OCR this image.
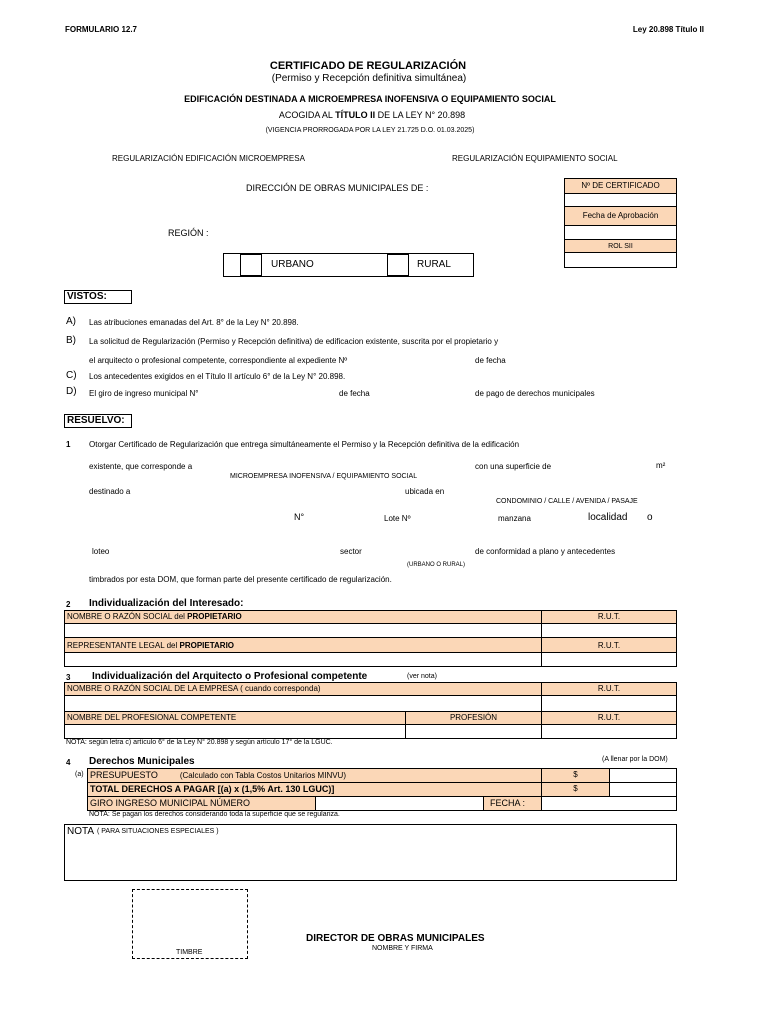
FORMULARIO 12.7	Ley 20.898 Título II
CERTIFICADO DE REGULARIZACIÓN
(Permiso y Recepción definitiva simultánea)
EDIFICACIÓN DESTINADA A MICROEMPRESA INOFENSIVA O EQUIPAMIENTO SOCIAL
ACOGIDA AL TÍTULO II DE LA LEY N° 20.898
(VIGENCIA PRORROGADA POR LA LEY 21.725 D.O. 01.03.2025)
REGULARIZACIÓN EDIFICACIÓN MICROEMPRESA	REGULARIZACIÓN EQUIPAMIENTO SOCIAL
DIRECCIÓN DE OBRAS MUNICIPALES DE :
REGIÓN :
URBANO	RURAL
Nº DE CERTIFICADO
Fecha de Aprobación
ROL SII
VISTOS:
A) Las atribuciones emanadas del Art. 8° de la Ley N° 20.898.
B) La solicitud de Regularización (Permiso y Recepción definitiva) de edificacion existente, suscrita por el propietario y
el arquitecto o profesional competente, correspondiente al expediente Nº	de fecha
C) Los antecedentes exigidos en el Título II artículo 6° de la Ley N° 20.898.
D) El giro de ingreso municipal N°	de fecha	de pago de derechos municipales
RESUELVO:
1 Otorgar Certificado de Regularización que entrega simultáneamente el Permiso y la Recepción definitiva de la edificación
existente, que corresponde a	con una superficie de	m²
MICROEMPRESA INOFENSIVA / EQUIPAMIENTO SOCIAL
destinado a	ubicada en
CONDOMINIO / CALLE / AVENIDA / PASAJE
N°	Lote Nº	manzana	localidad o
loteo	sector	de conformidad a plano y antecedentes
(URBANO O RURAL)
timbrados por esta DOM, que forman parte del presente certificado de regularización.
2 Individualización del Interesado:
NOMBRE O RAZÓN SOCIAL del PROPIETARIO	R.U.T.
REPRESENTANTE LEGAL del PROPIETARIO	R.U.T.
3 Individualización del Arquitecto o Profesional competente	(ver nota)
NOMBRE O RAZÓN SOCIAL DE LA EMPRESA ( cuando corresponda)	R.U.T.
NOMBRE DEL PROFESIONAL COMPETENTE	PROFESIÓN	R.U.T.
NOTA: según letra c) artículo 6° de la Ley N° 20.898 y según artículo 17° de la LGUC.
4 Derechos Municipales	(A llenar por la DOM)
(a) PRESUPUESTO	(Calculado con Tabla Costos Unitarios MINVU)	$
TOTAL DERECHOS A PAGAR [(a) x (1,5% Art. 130 LGUC)]	$
GIRO INGRESO MUNICIPAL NÚMERO	FECHA :
NOTA: Se pagan los derechos considerando toda la superficie que se regulariza.
NOTA ( PARA SITUACIONES ESPECIALES )
TIMBRE
DIRECTOR DE OBRAS MUNICIPALES
NOMBRE Y FIRMA
